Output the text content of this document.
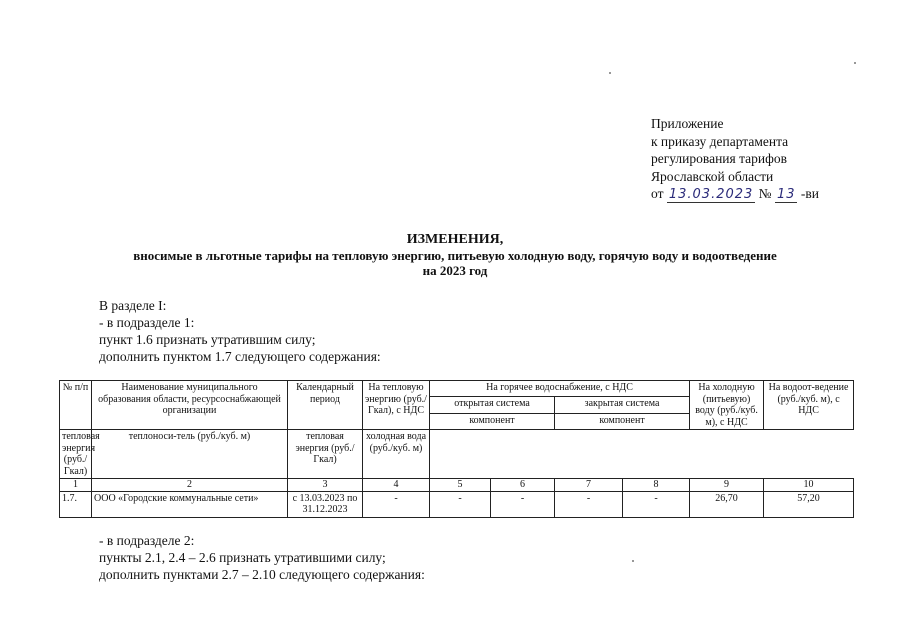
Приложение
к приказу департамента
регулирования тарифов
Ярославской области
от 13.03.2023 № 13 -ви
ИЗМЕНЕНИЯ,
вносимые в льготные тарифы на тепловую энергию, питьевую холодную воду, горячую воду и водоотведение
на 2023 год
В разделе I:
- в подразделе 1:
пункт 1.6 признать утратившим силу;
дополнить пунктом 1.7 следующего содержания:
№ п/п	Наименование муниципального образования области, ресурсоснабжающей организации	Календарный период	На тепловую энергию (руб./Гкал), с НДС	На горячее водоснабжение, с НДС				На холодную (питьевую) воду (руб./куб. м), с НДС	На водоот-ведение (руб./куб. м), с НДС
				открытая система		закрытая система			
				компонент		компонент			
тепловая энергия (руб./Гкал)	теплоноси-тель (руб./куб. м)	тепловая энергия (руб./Гкал)	холодная вода (руб./куб. м)						
1	2	3	4	5	6	7	8	9	10
1.7.	ООО «Городские коммунальные сети»	с 13.03.2023 по 31.12.2023	-	-	-	-	-	26,70	57,20
- в подразделе 2:
пункты 2.1, 2.4 – 2.6 признать утратившими силу;
дополнить пунктами 2.7 – 2.10 следующего содержания:
